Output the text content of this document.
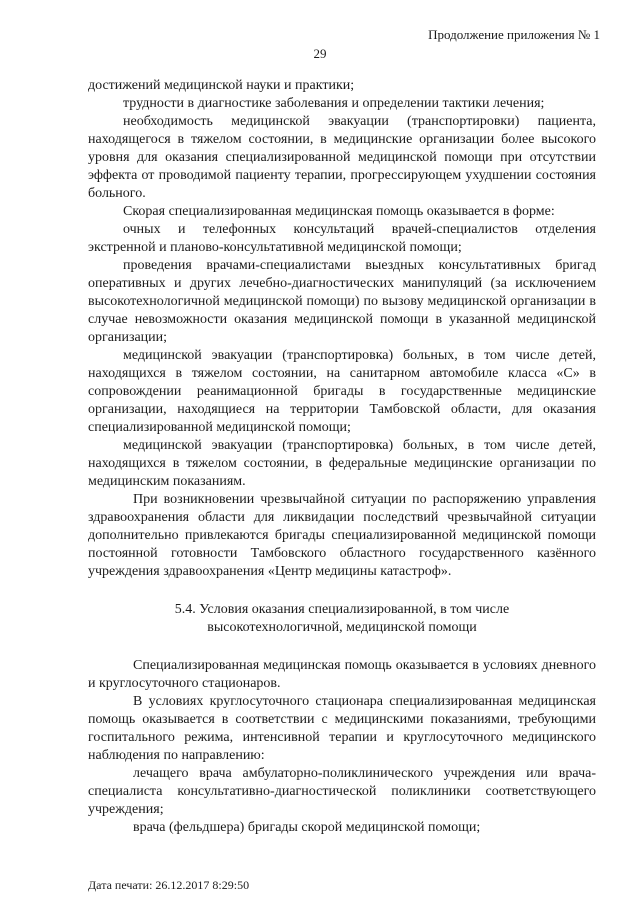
Продолжение приложения № 1
29

достижений медицинской науки и практики;

трудности в диагностике заболевания и определении тактики лечения;

необходимость медицинской эвакуации (транспортировки) пациента, находящегося в тяжелом состоянии, в медицинские организации более высокого уровня для оказания специализированной медицинской помощи при отсутствии эффекта от проводимой пациенту терапии, прогрессирующем ухудшении состояния больного.

Скорая специализированная медицинская помощь оказывается в форме:

очных и телефонных консультаций врачей-специалистов отделения экстренной и планово-консультативной медицинской помощи;

проведения врачами-специалистами выездных консультативных бригад оперативных и других лечебно-диагностических манипуляций (за исключением высокотехнологичной медицинской помощи) по вызову медицинской организации в случае невозможности оказания медицинской помощи в указанной медицинской организации;

медицинской эвакуации (транспортировка) больных, в том числе детей, находящихся в тяжелом состоянии, на санитарном автомобиле класса «С» в сопровождении реанимационной бригады в государственные медицинские организации, находящиеся на территории Тамбовской области, для оказания специализированной медицинской помощи;

медицинской эвакуации (транспортировка) больных, в том числе детей, находящихся в тяжелом состоянии, в федеральные медицинские организации по медицинским показаниям.

При возникновении чрезвычайной ситуации по распоряжению управления здравоохранения области для ликвидации последствий чрезвычайной ситуации дополнительно привлекаются бригады специализированной медицинской помощи постоянной готовности Тамбовского областного государственного казённого учреждения здравоохранения «Центр медицины катастроф».

5.4. Условия оказания специализированной, в том числе
высокотехнологичной, медицинской помощи

Специализированная медицинская помощь оказывается в условиях дневного и круглосуточного стационаров.

В условиях круглосуточного стационара специализированная медицинская помощь оказывается в соответствии с медицинскими показаниями, требующими госпитального режима, интенсивной терапии и круглосуточного медицинского наблюдения по направлению:

лечащего врача амбулаторно-поликлинического учреждения или врача-специалиста консультативно-диагностической поликлиники соответствующего учреждения;

врача (фельдшера) бригады скорой медицинской помощи;

Дата печати: 26.12.2017 8:29:50
